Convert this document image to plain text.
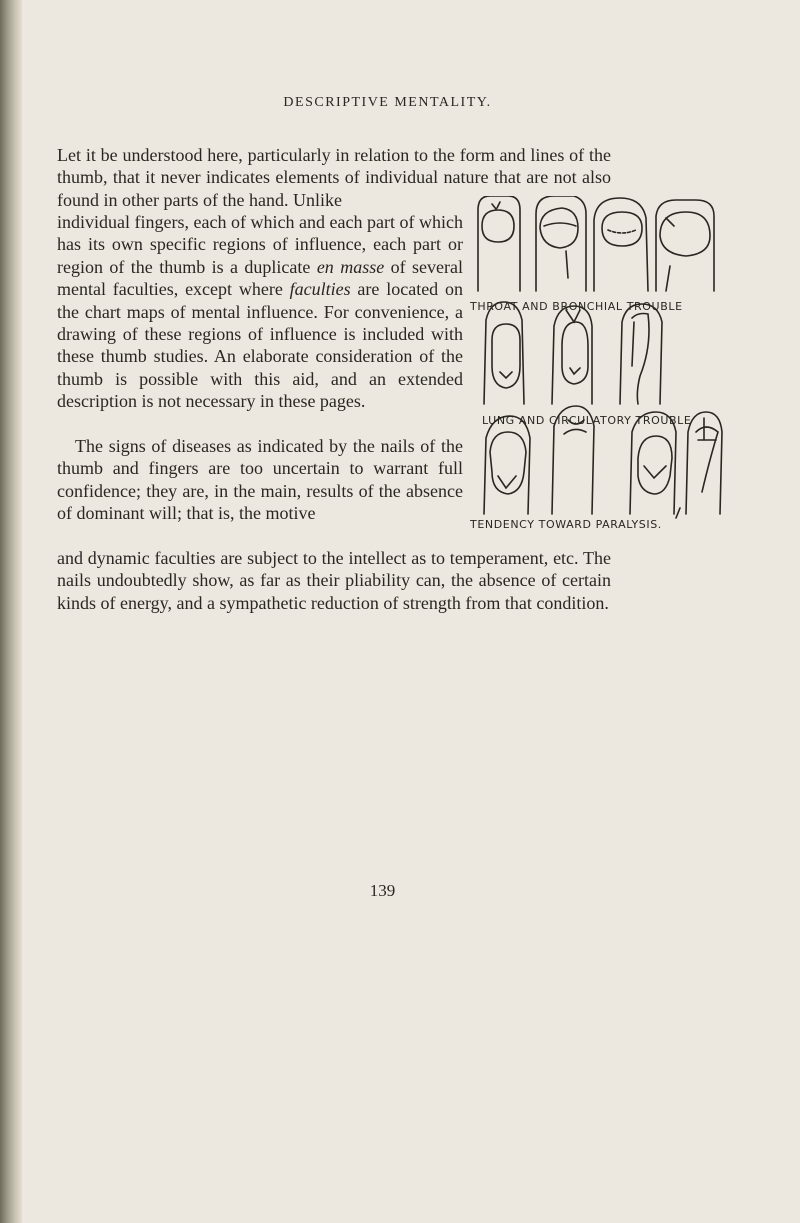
DESCRIPTIVE MENTALITY.

Let it be understood here, particularly in relation to the form and lines of the thumb, that it never indicates elements of individual nature that are not also found in other parts of the hand. Unlike

individual fingers, each of which and each part of which has its own specific regions of influence, each part or region of the thumb is a duplicate en masse of several mental faculties, except where faculties are located on the chart maps of mental influence. For convenience, a drawing of these regions of influence is included with these thumb studies. An elaborate consideration of the thumb is possible with this aid, and an extended description is not necessary in these pages.

The signs of diseases as indicated by the nails of the thumb and fingers are too uncertain to warrant full confidence; they are, in the main, results of the absence of dominant will; that is, the motive

and dynamic faculties are subject to the intellect as to temperament, etc. The nails undoubtedly show, as far as their pliability can, the absence of certain kinds of energy, and a sympathetic reduction of strength from that condition.

THROAT AND BRONCHIAL TROUBLE
LUNG AND CIRCULATORY TROUBLE
TENDENCY TOWARD PARALYSIS.
139
